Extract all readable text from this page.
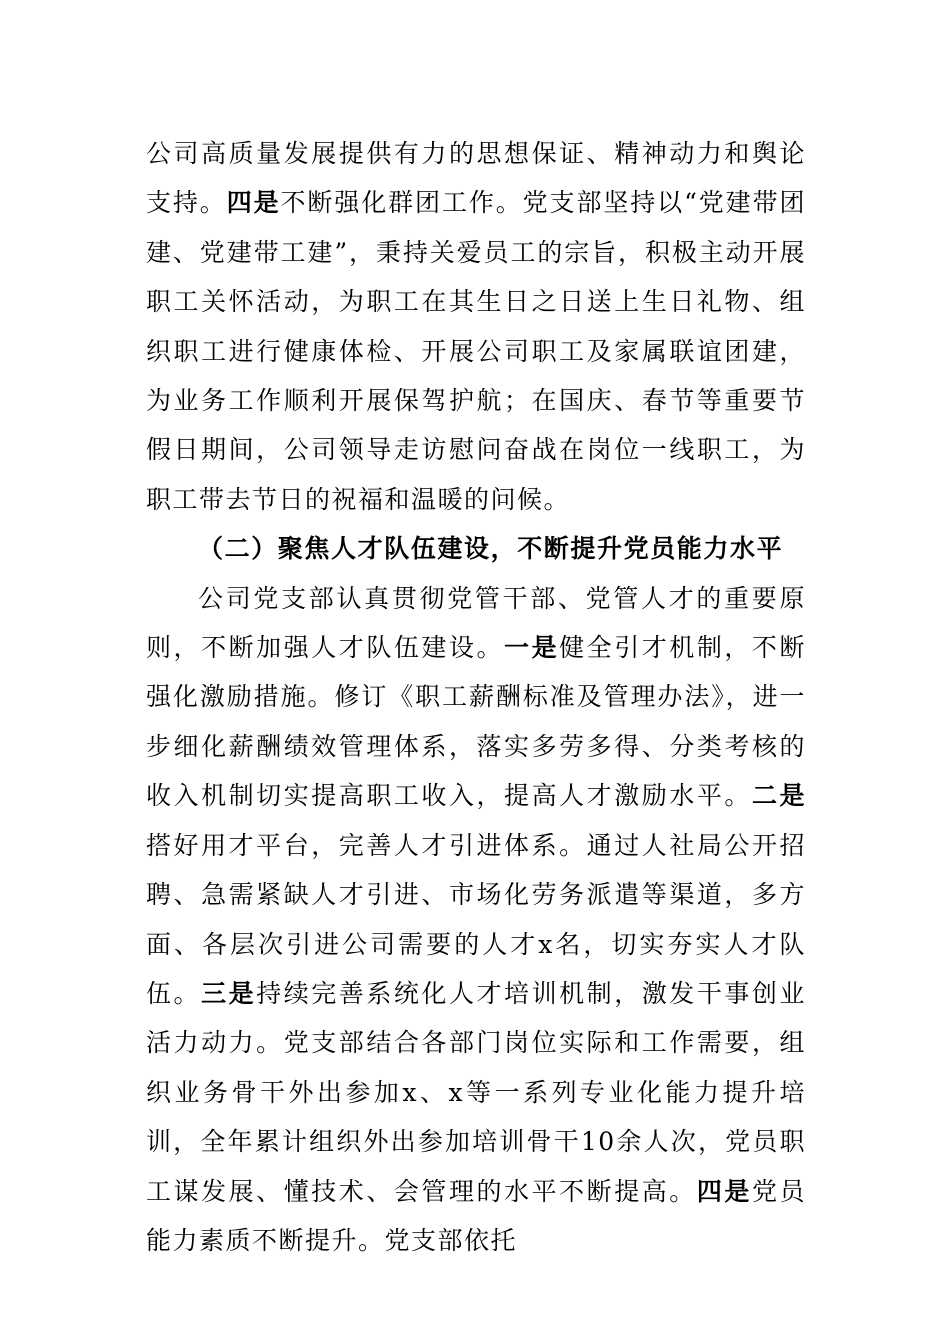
公司高质量发展提供有力的思想保证、精神动力和舆论支持。四是不断强化群团工作。党支部坚持以“党建带团建、党建带工建”，秉持关爱员工的宗旨，积极主动开展职工关怀活动，为职工在其生日之日送上生日礼物、组织职工进行健康体检、开展公司职工及家属联谊团建，为业务工作顺利开展保驾护航；在国庆、春节等重要节假日期间，公司领导走访慰问奋战在岗位一线职工，为职工带去节日的祝福和温暖的问候。

（二）聚焦人才队伍建设，不断提升党员能力水平

公司党支部认真贯彻党管干部、党管人才的重要原则，不断加强人才队伍建设。一是健全引才机制，不断强化激励措施。修订《职工薪酬标准及管理办法》，进一步细化薪酬绩效管理体系，落实多劳多得、分类考核的收入机制切实提高职工收入，提高人才激励水平。二是搭好用才平台，完善人才引进体系。通过人社局公开招聘、急需紧缺人才引进、市场化劳务派遣等渠道，多方面、各层次引进公司需要的人才x名，切实夯实人才队伍。三是持续完善系统化人才培训机制，激发干事创业活力动力。党支部结合各部门岗位实际和工作需要，组织业务骨干外出参加x、x等一系列专业化能力提升培训，全年累计组织外出参加培训骨干10余人次，党员职工谋发展、懂技术、会管理的水平不断提高。四是党员能力素质不断提升。党支部依托
